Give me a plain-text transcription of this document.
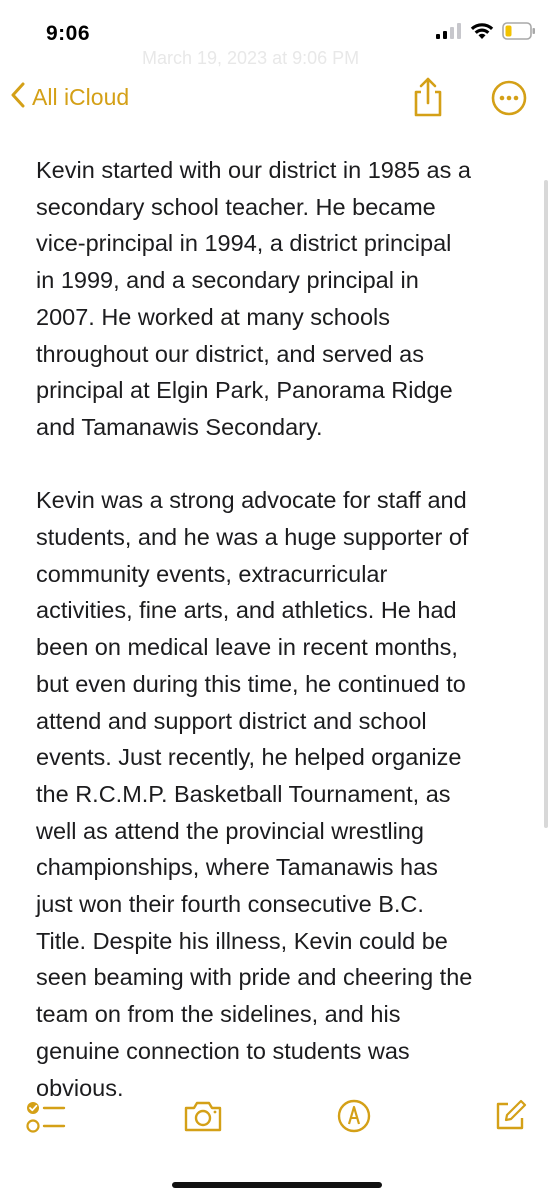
9:06
March 19, 2023 at 9:06 PM
All iCloud

Kevin started with our district in 1985 as a
secondary school teacher. He became
vice-principal in 1994, a district principal
in 1999, and a secondary principal in
2007. He worked at many schools
throughout our district, and served as
principal at Elgin Park, Panorama Ridge
and Tamanawis Secondary.

Kevin was a strong advocate for staff and
students, and he was a huge supporter of
community events, extracurricular
activities, fine arts, and athletics. He had
been on medical leave in recent months,
but even during this time, he continued to
attend and support district and school
events. Just recently, he helped organize
the R.C.M.P. Basketball Tournament, as
well as attend the provincial wrestling
championships, where Tamanawis has
just won their fourth consecutive B.C.
Title. Despite his illness, Kevin could be
seen beaming with pride and cheering the
team on from the sidelines, and his
genuine connection to students was
obvious.
